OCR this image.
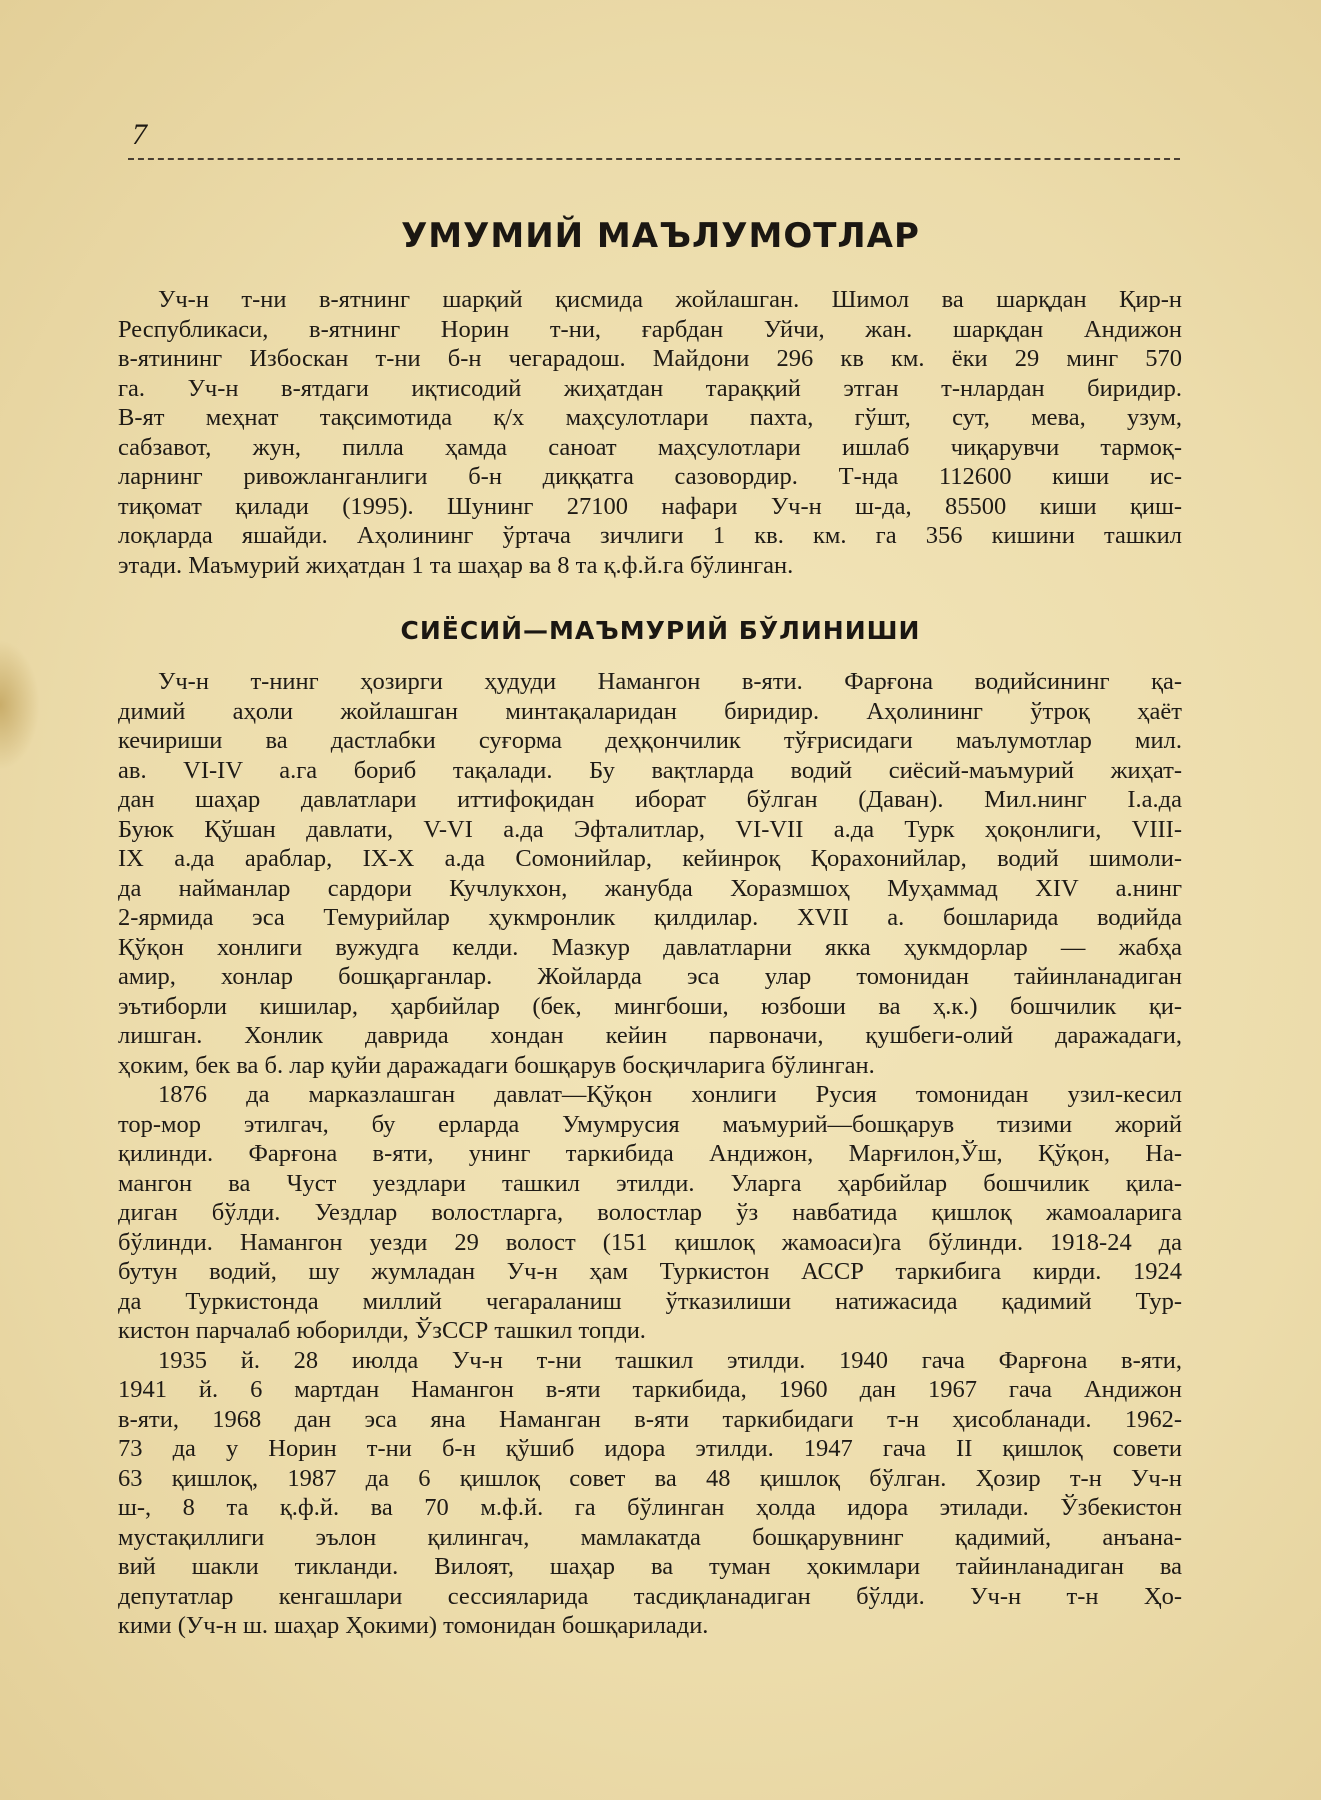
7
УМУМИЙ МАЪЛУМОТЛАР
Уч-н т-ни в-ятнинг шарқий қисмида жойлашган. Шимол ва шарқдан Қир-н
Республикаси, в-ятнинг Норин т-ни, ғарбдан Уйчи, жан. шарқдан Андижон
в-ятининг Избоскан т-ни б-н чегарадош. Майдони 296 кв км. ёки 29 минг 570
га. Уч-н в-ятдаги иқтисодий жиҳатдан тараққий этган т-нлардан биридир.
В-ят меҳнат тақсимотида қ/х маҳсулотлари пахта, гўшт, сут, мева, узум,
сабзавот, жун, пилла ҳамда саноат маҳсулотлари ишлаб чиқарувчи тармоқ-
ларнинг ривожланганлиги б-н диққатга сазовордир. Т-нда 112600 киши ис-
тиқомат қилади (1995). Шунинг 27100 нафари Уч-н ш-да, 85500 киши қиш-
лоқларда яшайди. Аҳолининг ўртача зичлиги 1 кв. км. га 356 кишини ташкил
этади. Маъмурий жиҳатдан 1 та шаҳар ва 8 та қ.ф.й.га бўлинган.
СИЁСИЙ—МАЪМУРИЙ БЎЛИНИШИ
Уч-н т-нинг ҳозирги ҳудуди Намангон в-яти. Фарғона водийсининг қа-
димий аҳоли жойлашган минтақаларидан биридир. Аҳолининг ўтроқ ҳаёт
кечириши ва дастлабки суғорма деҳқончилик тўғрисидаги маълумотлар мил.
ав. VI-IV а.га бориб тақалади. Бу вақтларда водий сиёсий-маъмурий жиҳат-
дан шаҳар давлатлари иттифоқидан иборат бўлган (Даван). Мил.нинг I.а.да
Буюк Қўшан давлати, V-VI а.да Эфталитлар, VI-VII а.да Турк ҳоқонлиги, VIII-
IX а.да араблар, IX-X а.да Сомонийлар, кейинроқ Қорахонийлар, водий шимоли-
да найманлар сардори Кучлукхон, жанубда Хоразмшоҳ Муҳаммад XIV а.нинг
2-ярмида эса Темурийлар ҳукмронлик қилдилар. XVII а. бошларида водийда
Қўқон хонлиги вужудга келди. Мазкур давлатларни якка ҳукмдорлар — жабҳа
амир, хонлар бошқарганлар. Жойларда эса улар томонидан тайинланадиган
эътиборли кишилар, ҳарбийлар (бек, мингбоши, юзбоши ва ҳ.к.) бошчилик қи-
лишган. Хонлик даврида хондан кейин парвоначи, қушбеги-олий даражадаги,
ҳоким, бек ва б. лар қуйи даражадаги бошқарув босқичларига бўлинган.
1876 да марказлашган давлат—Қўқон хонлиги Русия томонидан узил-кесил
тор-мор этилгач, бу ерларда Умумрусия маъмурий—бошқарув тизими жорий
қилинди. Фарғона в-яти, унинг таркибида Андижон, Марғилон,Ўш, Қўқон, На-
мангон ва Чуст уездлари ташкил этилди. Уларга ҳарбийлар бошчилик қила-
диган бўлди. Уездлар волостларга, волостлар ўз навбатида қишлоқ жамоаларига
бўлинди. Намангон уезди 29 волост (151 қишлоқ жамоаси)га бўлинди. 1918-24 да
бутун водий, шу жумладан Уч-н ҳам Туркистон АССР таркибига кирди. 1924
да Туркистонда миллий чегараланиш ўтказилиши натижасида қадимий Тур-
кистон парчалаб юборилди, ЎзССР ташкил топди.
1935 й. 28 июлда Уч-н т-ни ташкил этилди. 1940 гача Фарғона в-яти,
1941 й. 6 мартдан Намангон в-яти таркибида, 1960 дан 1967 гача Андижон
в-яти, 1968 дан эса яна Наманган в-яти таркибидаги т-н ҳисобланади. 1962-
73 да у Норин т-ни б-н қўшиб идора этилди. 1947 гача II қишлоқ совети
63 қишлоқ, 1987 да 6 қишлоқ совет ва 48 қишлоқ бўлган. Ҳозир т-н Уч-н
ш-, 8 та қ.ф.й. ва 70 м.ф.й. га бўлинган ҳолда идора этилади. Ўзбекистон
мустақиллиги эълон қилингач, мамлакатда бошқарувнинг қадимий, анъана-
вий шакли тикланди. Вилоят, шаҳар ва туман ҳокимлари тайинланадиган ва
депутатлар кенгашлари сессияларида тасдиқланадиган бўлди. Уч-н т-н Ҳо-
кими (Уч-н ш. шаҳар Ҳокими) томонидан бошқарилади.
